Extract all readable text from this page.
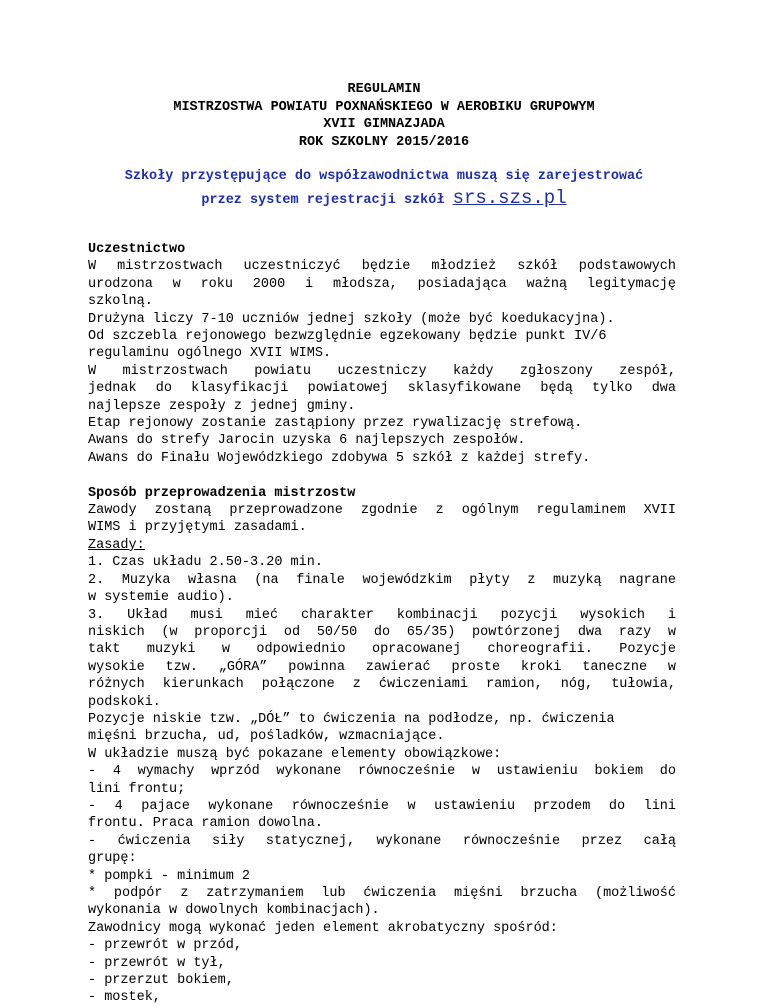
REGULAMIN
MISTRZOSTWA POWIATU POXNAŃSKIEGO W AEROBIKU GRUPOWYM
XVII GIMNAZJADA
ROK SZKOLNY 2015/2016
Szkoły przystępujące do współzawodnictwa muszą się zarejestrować
przez system rejestracji szkół srs.szs.pl
Uczestnictwo
W mistrzostwach uczestniczyć będzie młodzież szkół podstawowych
urodzona w roku 2000 i młodsza, posiadająca ważną legitymację
szkolną.
Drużyna liczy 7-10 uczniów jednej szkoły (może być koedukacyjna).
Od szczebla rejonowego bezwzględnie egzekowany będzie punkt IV/6
regulaminu ogólnego XVII WIMS.
W mistrzostwach powiatu uczestniczy każdy zgłoszony zespół,
jednak do klasyfikacji powiatowej sklasyfikowane będą tylko dwa
najlepsze zespoły z jednej gminy.
Etap rejonowy zostanie zastąpiony przez rywalizację strefową.
Awans do strefy Jarocin uzyska 6 najlepszych zespołów.
Awans do Finału Wojewódzkiego zdobywa 5 szkół z każdej strefy.
Sposób przeprowadzenia mistrzostw
Zawody zostaną przeprowadzone zgodnie z ogólnym regulaminem XVII
WIMS i przyjętymi zasadami.
Zasady:
1. Czas układu 2.50-3.20 min.
2. Muzyka własna (na finale wojewódzkim płyty z muzyką nagrane
w systemie audio).
3. Układ musi mieć charakter kombinacji pozycji wysokich i
niskich (w proporcji od 50/50 do 65/35) powtórzonej dwa razy w
takt muzyki w odpowiednio opracowanej choreografii. Pozycje
wysokie tzw. „GÓRA” powinna zawierać proste kroki taneczne w
różnych kierunkach połączone z ćwiczeniami ramion, nóg, tułowia,
podskoki.
Pozycje niskie tzw. „DÓŁ” to ćwiczenia na podłodze, np. ćwiczenia
mięśni brzucha, ud, pośladków, wzmacniające.
W układzie muszą być pokazane elementy obowiązkowe:
- 4 wymachy wprzód wykonane równocześnie w ustawieniu bokiem do
lini frontu;
- 4 pajace wykonane równocześnie w ustawieniu przodem do lini
frontu. Praca ramion dowolna.
- ćwiczenia siły statycznej, wykonane równocześnie przez całą
grupę:
* pompki - minimum 2
* podpór z zatrzymaniem lub ćwiczenia mięśni brzucha (możliwość
wykonania w dowolnych kombinacjach).
Zawodnicy mogą wykonać jeden element akrobatyczny spośród:
- przewrót w przód,
- przewrót w tył,
- przerzut bokiem,
- mostek,
